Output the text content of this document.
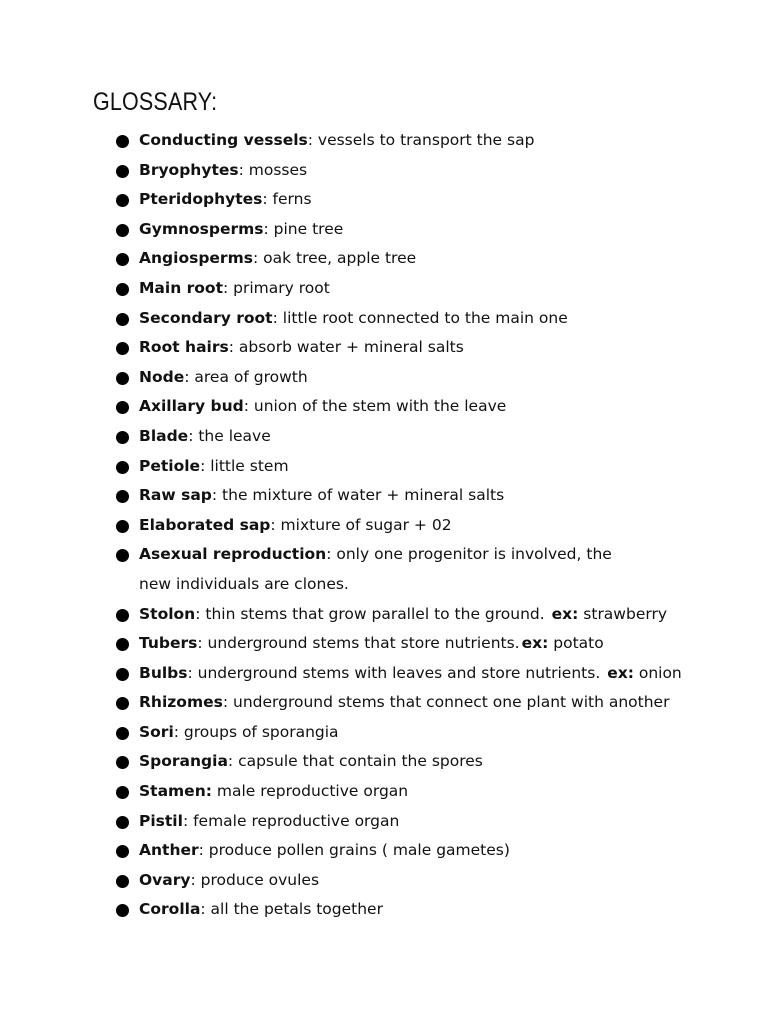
GLOSSARY:
Conducting vessels: vessels to transport the sap
Bryophytes: mosses
Pteridophytes: ferns
Gymnosperms: pine tree
Angiosperms: oak tree, apple tree
Main root: primary root
Secondary root: little root connected to the main one
Root hairs: absorb water + mineral salts
Node: area of growth
Axillary bud: union of the stem with the leave
Blade: the leave
Petiole: little stem
Raw sap: the mixture of water + mineral salts
Elaborated sap: mixture of sugar + 02
Asexual reproduction: only one progenitor is involved, the new individuals are clones.
Stolon: thin stems that grow parallel to the ground. ex: strawberry
Tubers: underground stems that store nutrients. ex: potato
Bulbs: underground stems with leaves and store nutrients. ex: onion
Rhizomes: underground stems that connect one plant with another
Sori: groups of sporangia
Sporangia: capsule that contain the spores
Stamen: male reproductive organ
Pistil: female reproductive organ
Anther: produce pollen grains ( male gametes)
Ovary: produce ovules
Corolla: all the petals together
